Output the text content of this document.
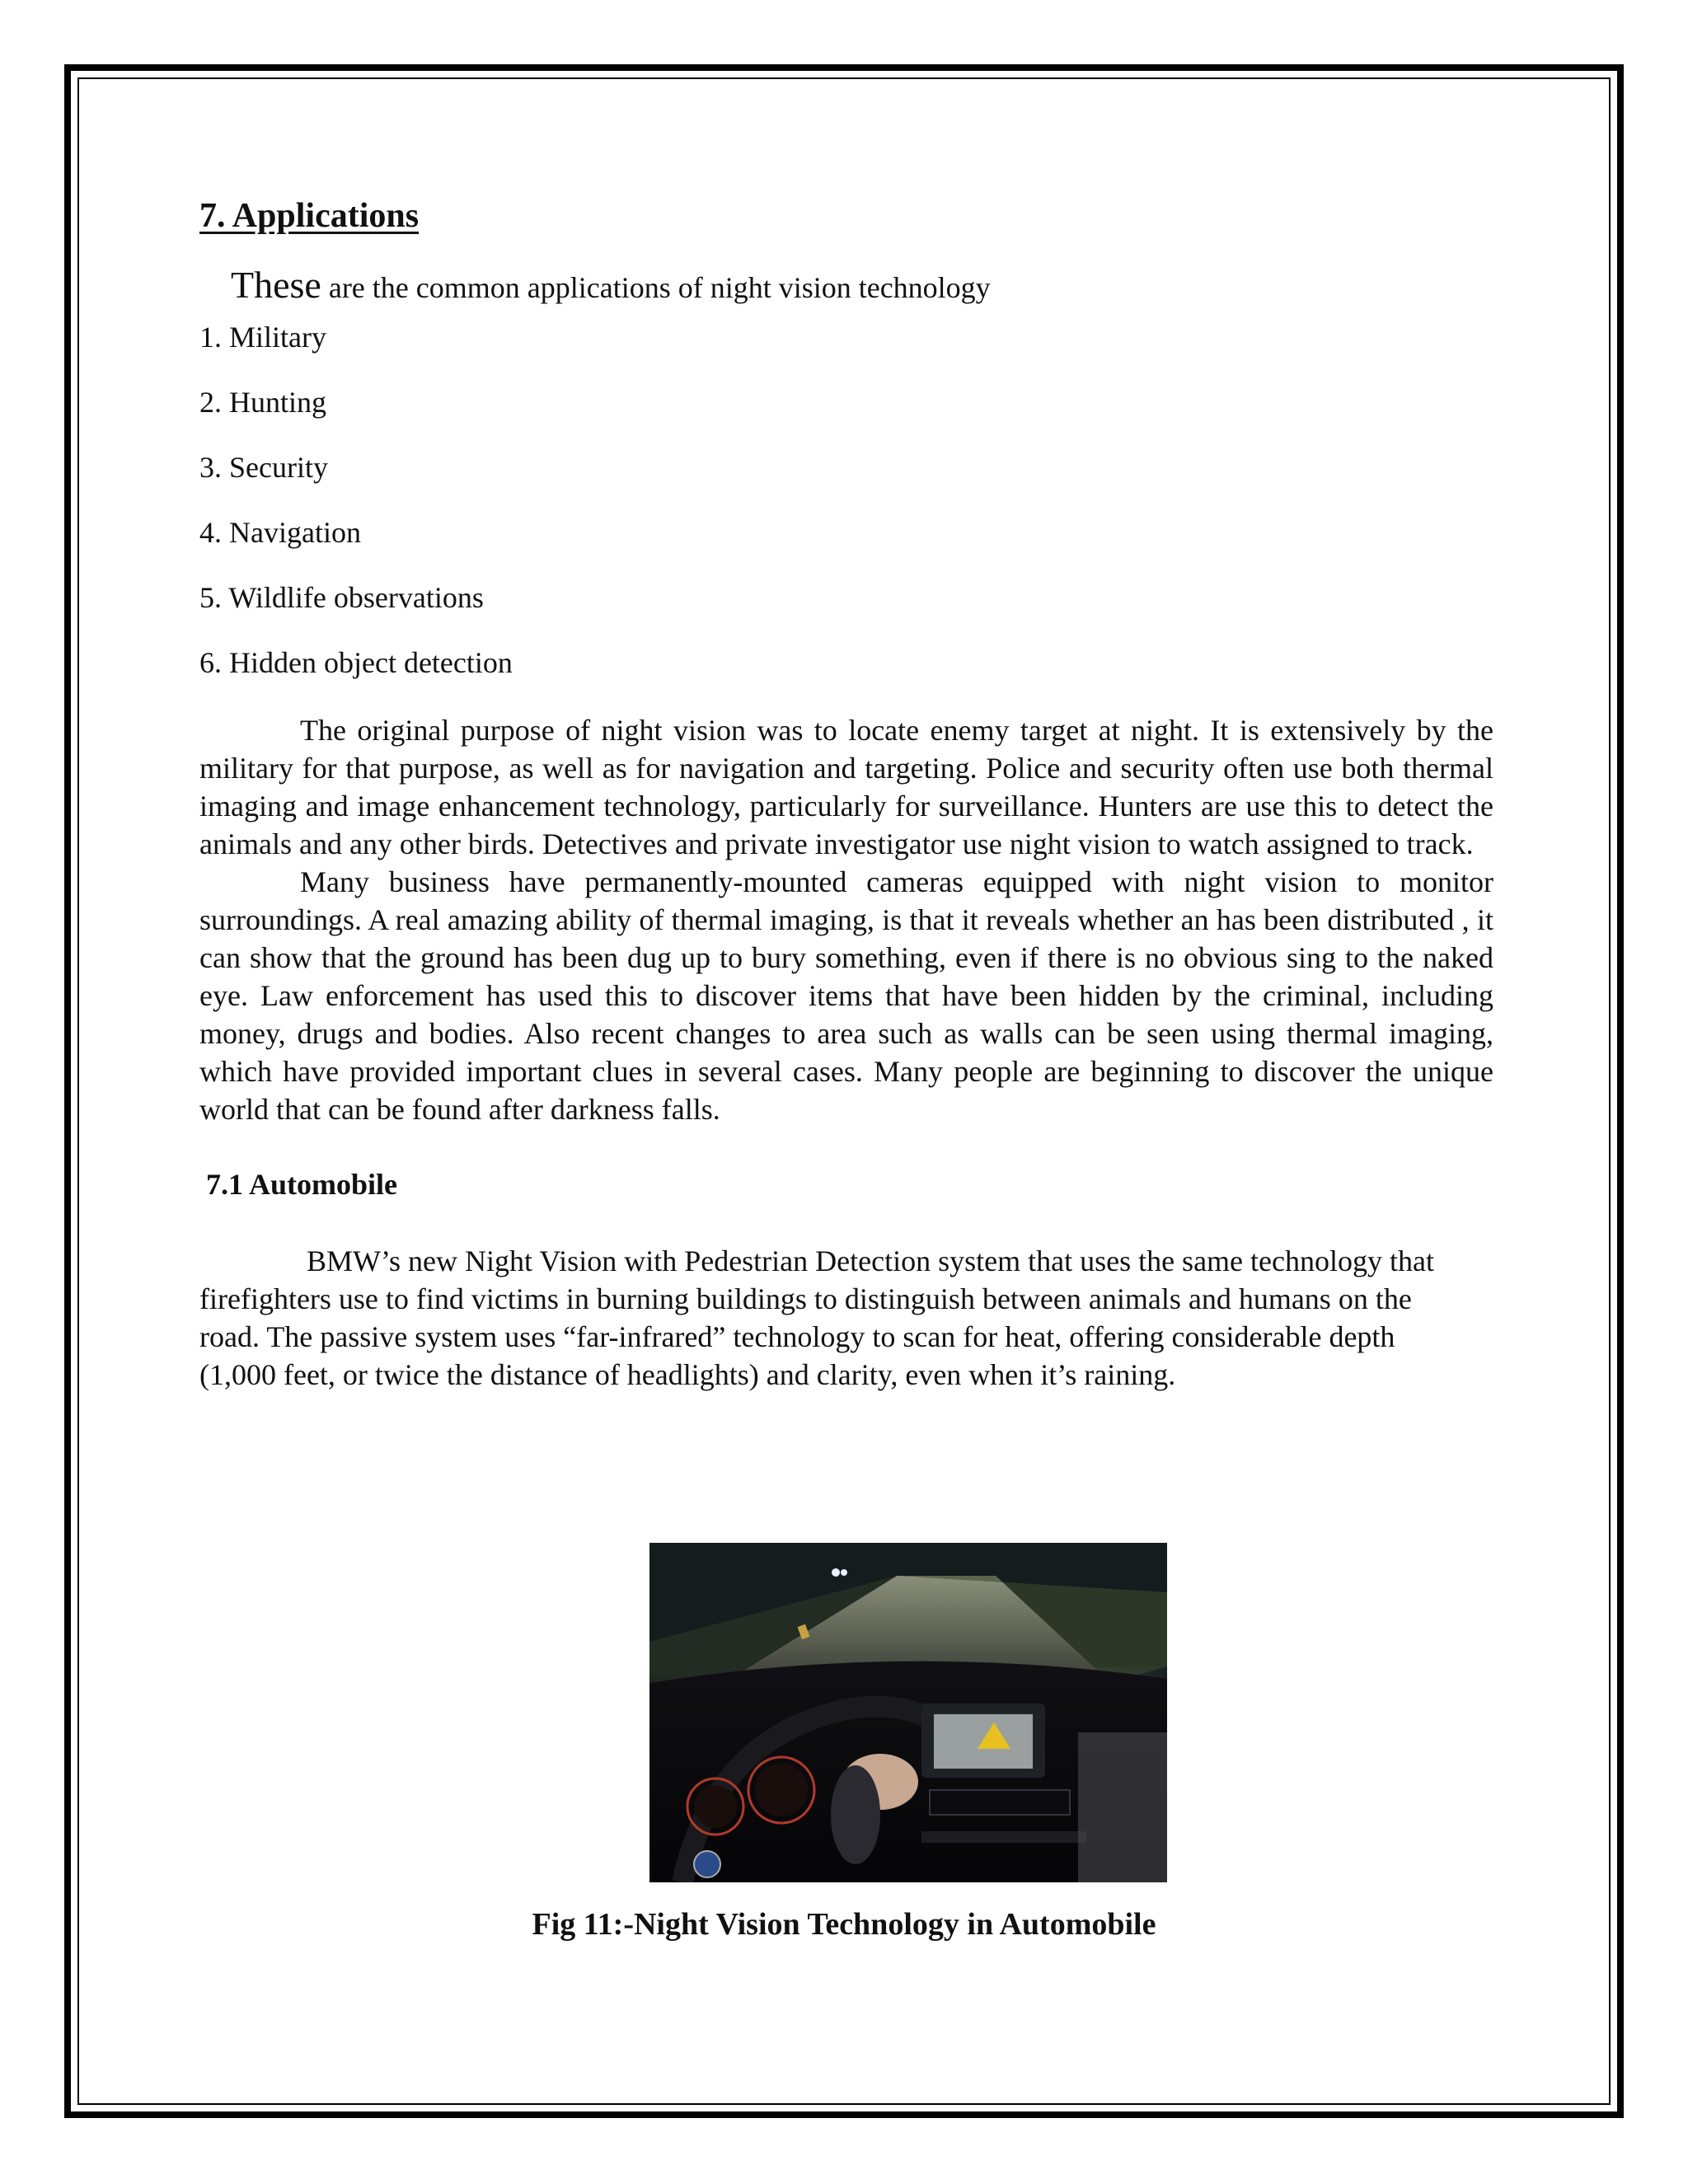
7. Applications

These are the common applications of night vision technology

1. Military
2. Hunting
3. Security
4. Navigation
5. Wildlife observations
6. Hidden object detection

The original purpose of night vision was to locate enemy target at night. It is extensively by the military for that purpose, as well as for navigation and targeting. Police and security often use both thermal imaging and image enhancement technology, particularly for surveillance. Hunters are use this to detect the animals and any other birds. Detectives and private investigator use night vision to watch assigned to track.

Many business have permanently-mounted cameras equipped with night vision to monitor surroundings. A real amazing ability of thermal imaging, is that it reveals whether an has been distributed , it can show that the ground has been dug up to bury something, even if there is no obvious sing to the naked eye. Law enforcement has used this to discover items that have been hidden by the criminal, including money, drugs and bodies. Also recent changes to area such as walls can be seen using thermal imaging, which have provided important clues in several cases. Many people are beginning to discover the unique world that can be found after darkness falls.

7.1 Automobile

BMW’s new Night Vision with Pedestrian Detection system that uses the same technology that firefighters use to find victims in burning buildings to distinguish between animals and humans on the road. The passive system uses “far-infrared” technology to scan for heat, offering considerable depth (1,000 feet, or twice the distance of headlights) and clarity, even when it’s raining.

Fig 11:-Night Vision Technology in Automobile
